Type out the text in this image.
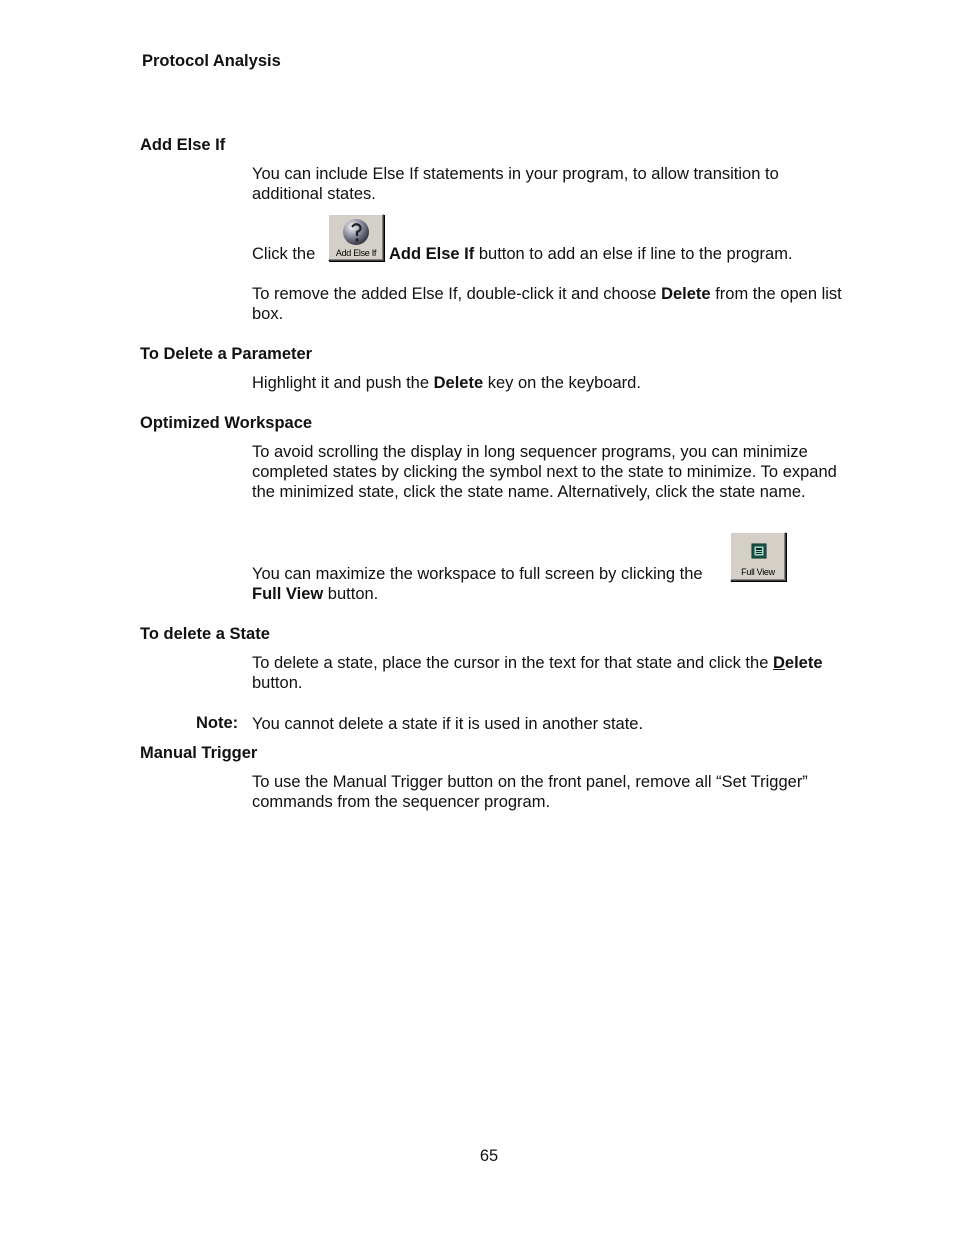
Protocol Analysis
Add Else If
You can include Else If statements in your program, to allow transition to additional states.
Click the	Add Else If Add Else If button to add an else if line to the program.
To remove the added Else If, double-click it and choose Delete from the open list box.
To Delete a Parameter
Highlight it and push the Delete key on the keyboard.
Optimized Workspace
To avoid scrolling the display in long sequencer programs, you can minimize completed states by clicking the symbol next to the state to minimize. To expand the minimized state, click the state name. Alternatively, click the state name.
You can maximize the workspace to full screen by clicking the
Full View button.
Full View
To delete a State
To delete a state, place the cursor in the text for that state and click the Delete button.
Note: You cannot delete a state if it is used in another state.
Manual Trigger
To use the Manual Trigger button on the front panel, remove all “Set Trigger” commands from the sequencer program.
65
